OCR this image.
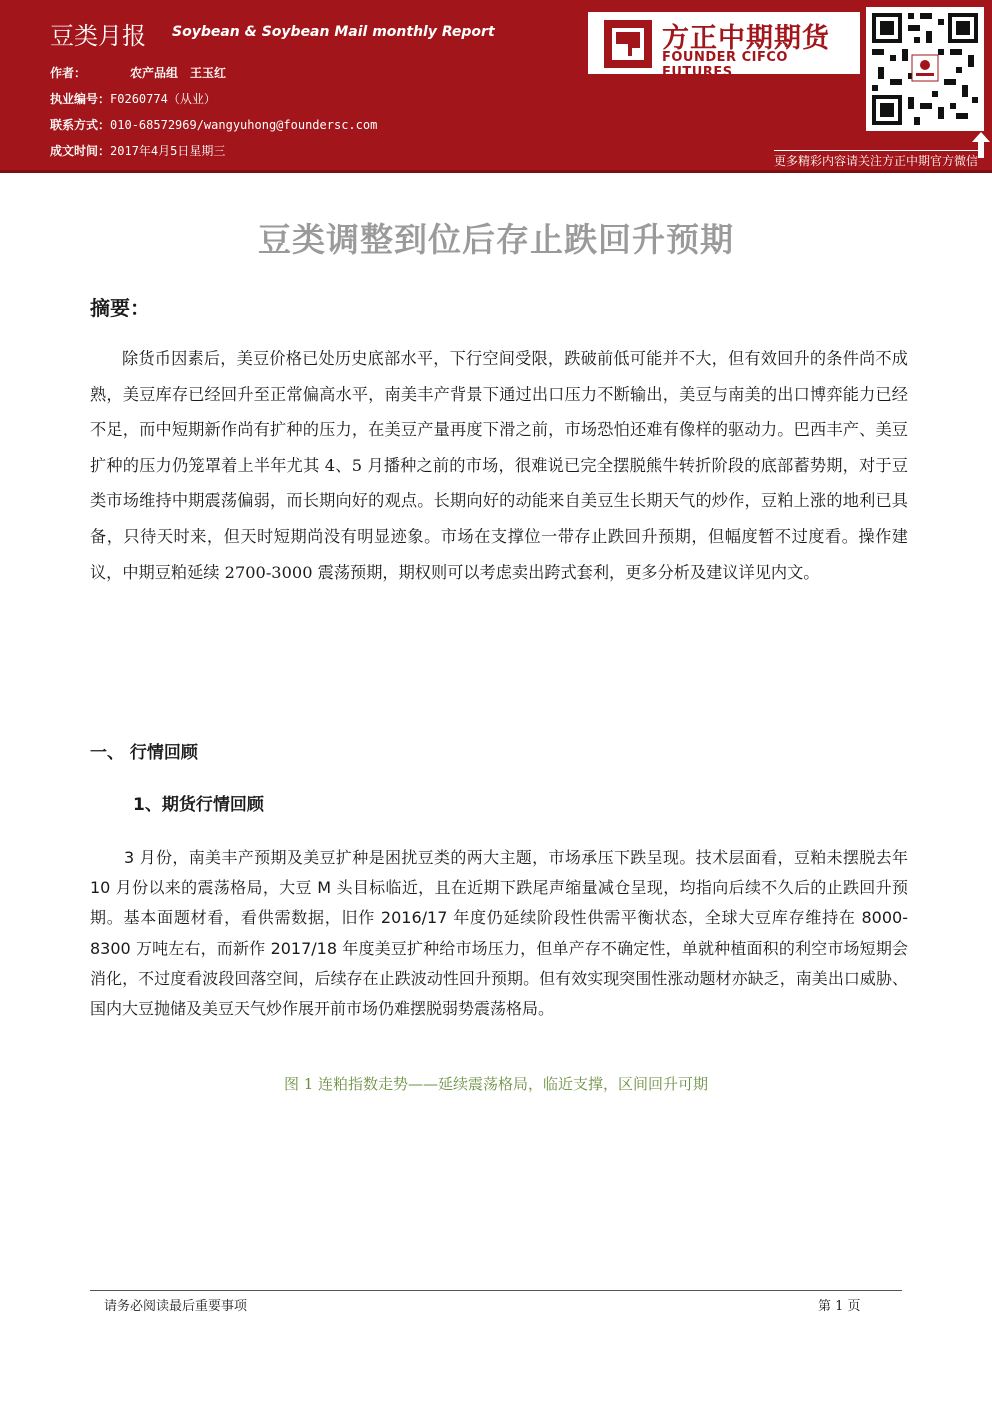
豆类月报 Soybean & Soybean Mail monthly Report
作者：	农产品组　王玉红
执业编号：F0260774（从业）
联系方式：010-68572969/wangyuhong@foundersc.com
成文时间：2017年4月5日星期三
方正中期期货
FOUNDER CIFCO FUTURES
更多精彩内容请关注方正中期官方微信
豆类调整到位后存止跌回升预期
摘要：

除货币因素后，美豆价格已处历史底部水平，下行空间受限，跌破前低可能并不大，但有效回升的条件尚不成熟，美豆库存已经回升至正常偏高水平，南美丰产背景下通过出口压力不断输出，美豆与南美的出口博弈能力已经不足，而中短期新作尚有扩种的压力，在美豆产量再度下滑之前，市场恐怕还难有像样的驱动力。巴西丰产、美豆扩种的压力仍笼罩着上半年尤其 4、5 月播种之前的市场，很难说已完全摆脱熊牛转折阶段的底部蓄势期，对于豆类市场维持中期震荡偏弱，而长期向好的观点。长期向好的动能来自美豆生长期天气的炒作，豆粕上涨的地利已具备，只待天时来，但天时短期尚没有明显迹象。市场在支撑位一带存止跌回升预期，但幅度暂不过度看。操作建议，中期豆粕延续 2700-3000 震荡预期，期权则可以考虑卖出跨式套利，更多分析及建议详见内文。

一、 行情回顾
1、期货行情回顾

3 月份，南美丰产预期及美豆扩种是困扰豆类的两大主题，市场承压下跌呈现。技术层面看，豆粕未摆脱去年 10 月份以来的震荡格局，大豆 M 头目标临近，且在近期下跌尾声缩量减仓呈现，均指向后续不久后的止跌回升预期。基本面题材看，看供需数据，旧作 2016/17 年度仍延续阶段性供需平衡状态，全球大豆库存维持在 8000-8300 万吨左右，而新作 2017/18 年度美豆扩种给市场压力，但单产存不确定性，单就种植面积的利空市场短期会消化，不过度看波段回落空间，后续存在止跌波动性回升预期。但有效实现突围性涨动题材亦缺乏，南美出口威胁、国内大豆抛储及美豆天气炒作展开前市场仍难摆脱弱势震荡格局。

图 1 连粕指数走势——延续震荡格局，临近支撑，区间回升可期
请务必阅读最后重要事项	第 1 页
